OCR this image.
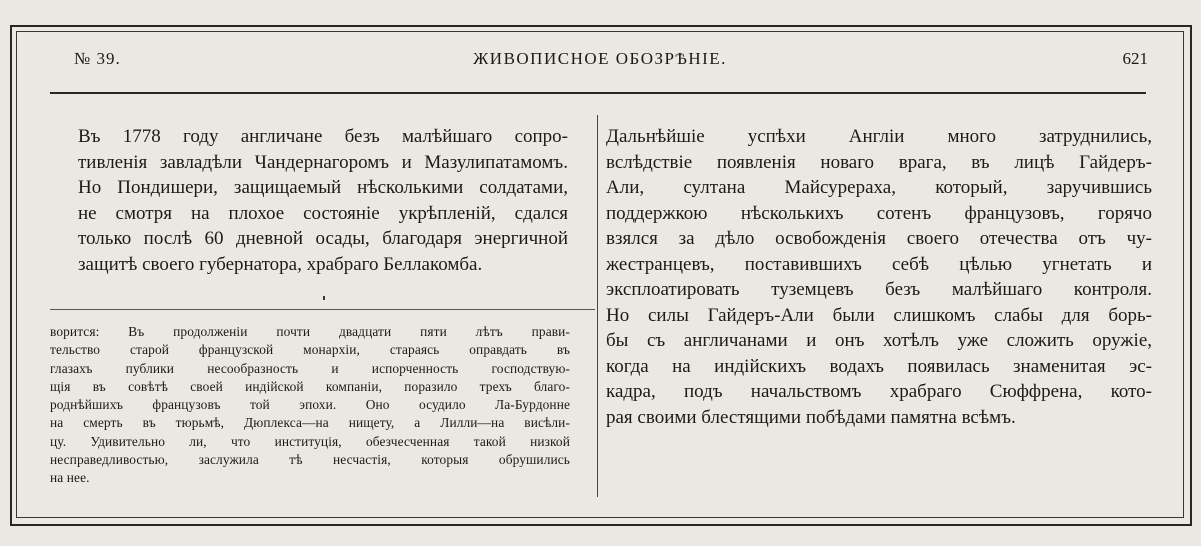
№ 39.	ЖИВОПИСНОЕ ОБОЗРѢНІЕ.	621
Въ 1778 году англичане безъ малѣйшаго сопро-
тивленія завладѣли Чандернагоромъ и Мазулипатамомъ.
Но Пондишери, защищаемый нѣсколькими солдатами,
не смотря на плохое состояніе укрѣпленій, сдался
только послѣ 60 дневной осады, благодаря энергичной
защитѣ своего губернатора, храбраго Беллакомба.
ворится: Въ продолженіи почти двадцати пяти лѣтъ прави-
тельство старой французской монархіи, стараясь оправдать въ
глазахъ публики несообразность и испорченность господствую-
щія въ совѣтѣ своей индійской компаніи, поразило трехъ благо-
роднѣйшихъ французовъ той эпохи. Оно осудило Ла-Бурдонне
на смерть въ тюрьмѣ, Дюплекса—на нищету, а Лилли—на висѣли-
цу. Удивительно ли, что институція, обезчесченная такой низкой
несправедливостью, заслужила тѣ несчастія, которыя обрушились
на нее.
Дальнѣйшіе успѣхи Англіи много затруднились,
вслѣдствіе появленія новаго врага, въ лицѣ Гайдеръ-
Али, султана Майсурераха, который, заручившись
поддержкою нѣсколькихъ сотенъ французовъ, горячо
взялся за дѣло освобожденія своего отечества отъ чу-
жестранцевъ, поставившихъ себѣ цѣлью угнетать и
эксплоатировать туземцевъ безъ малѣйшаго контроля.
Но силы Гайдеръ-Али были слишкомъ слабы для борь-
бы съ англичанами и онъ хотѣлъ уже сложить оружіе,
когда на индійскихъ водахъ появилась знаменитая эс-
кадра, подъ начальствомъ храбраго Сюффрена, кото-
рая своими блестящими побѣдами памятна всѣмъ.
